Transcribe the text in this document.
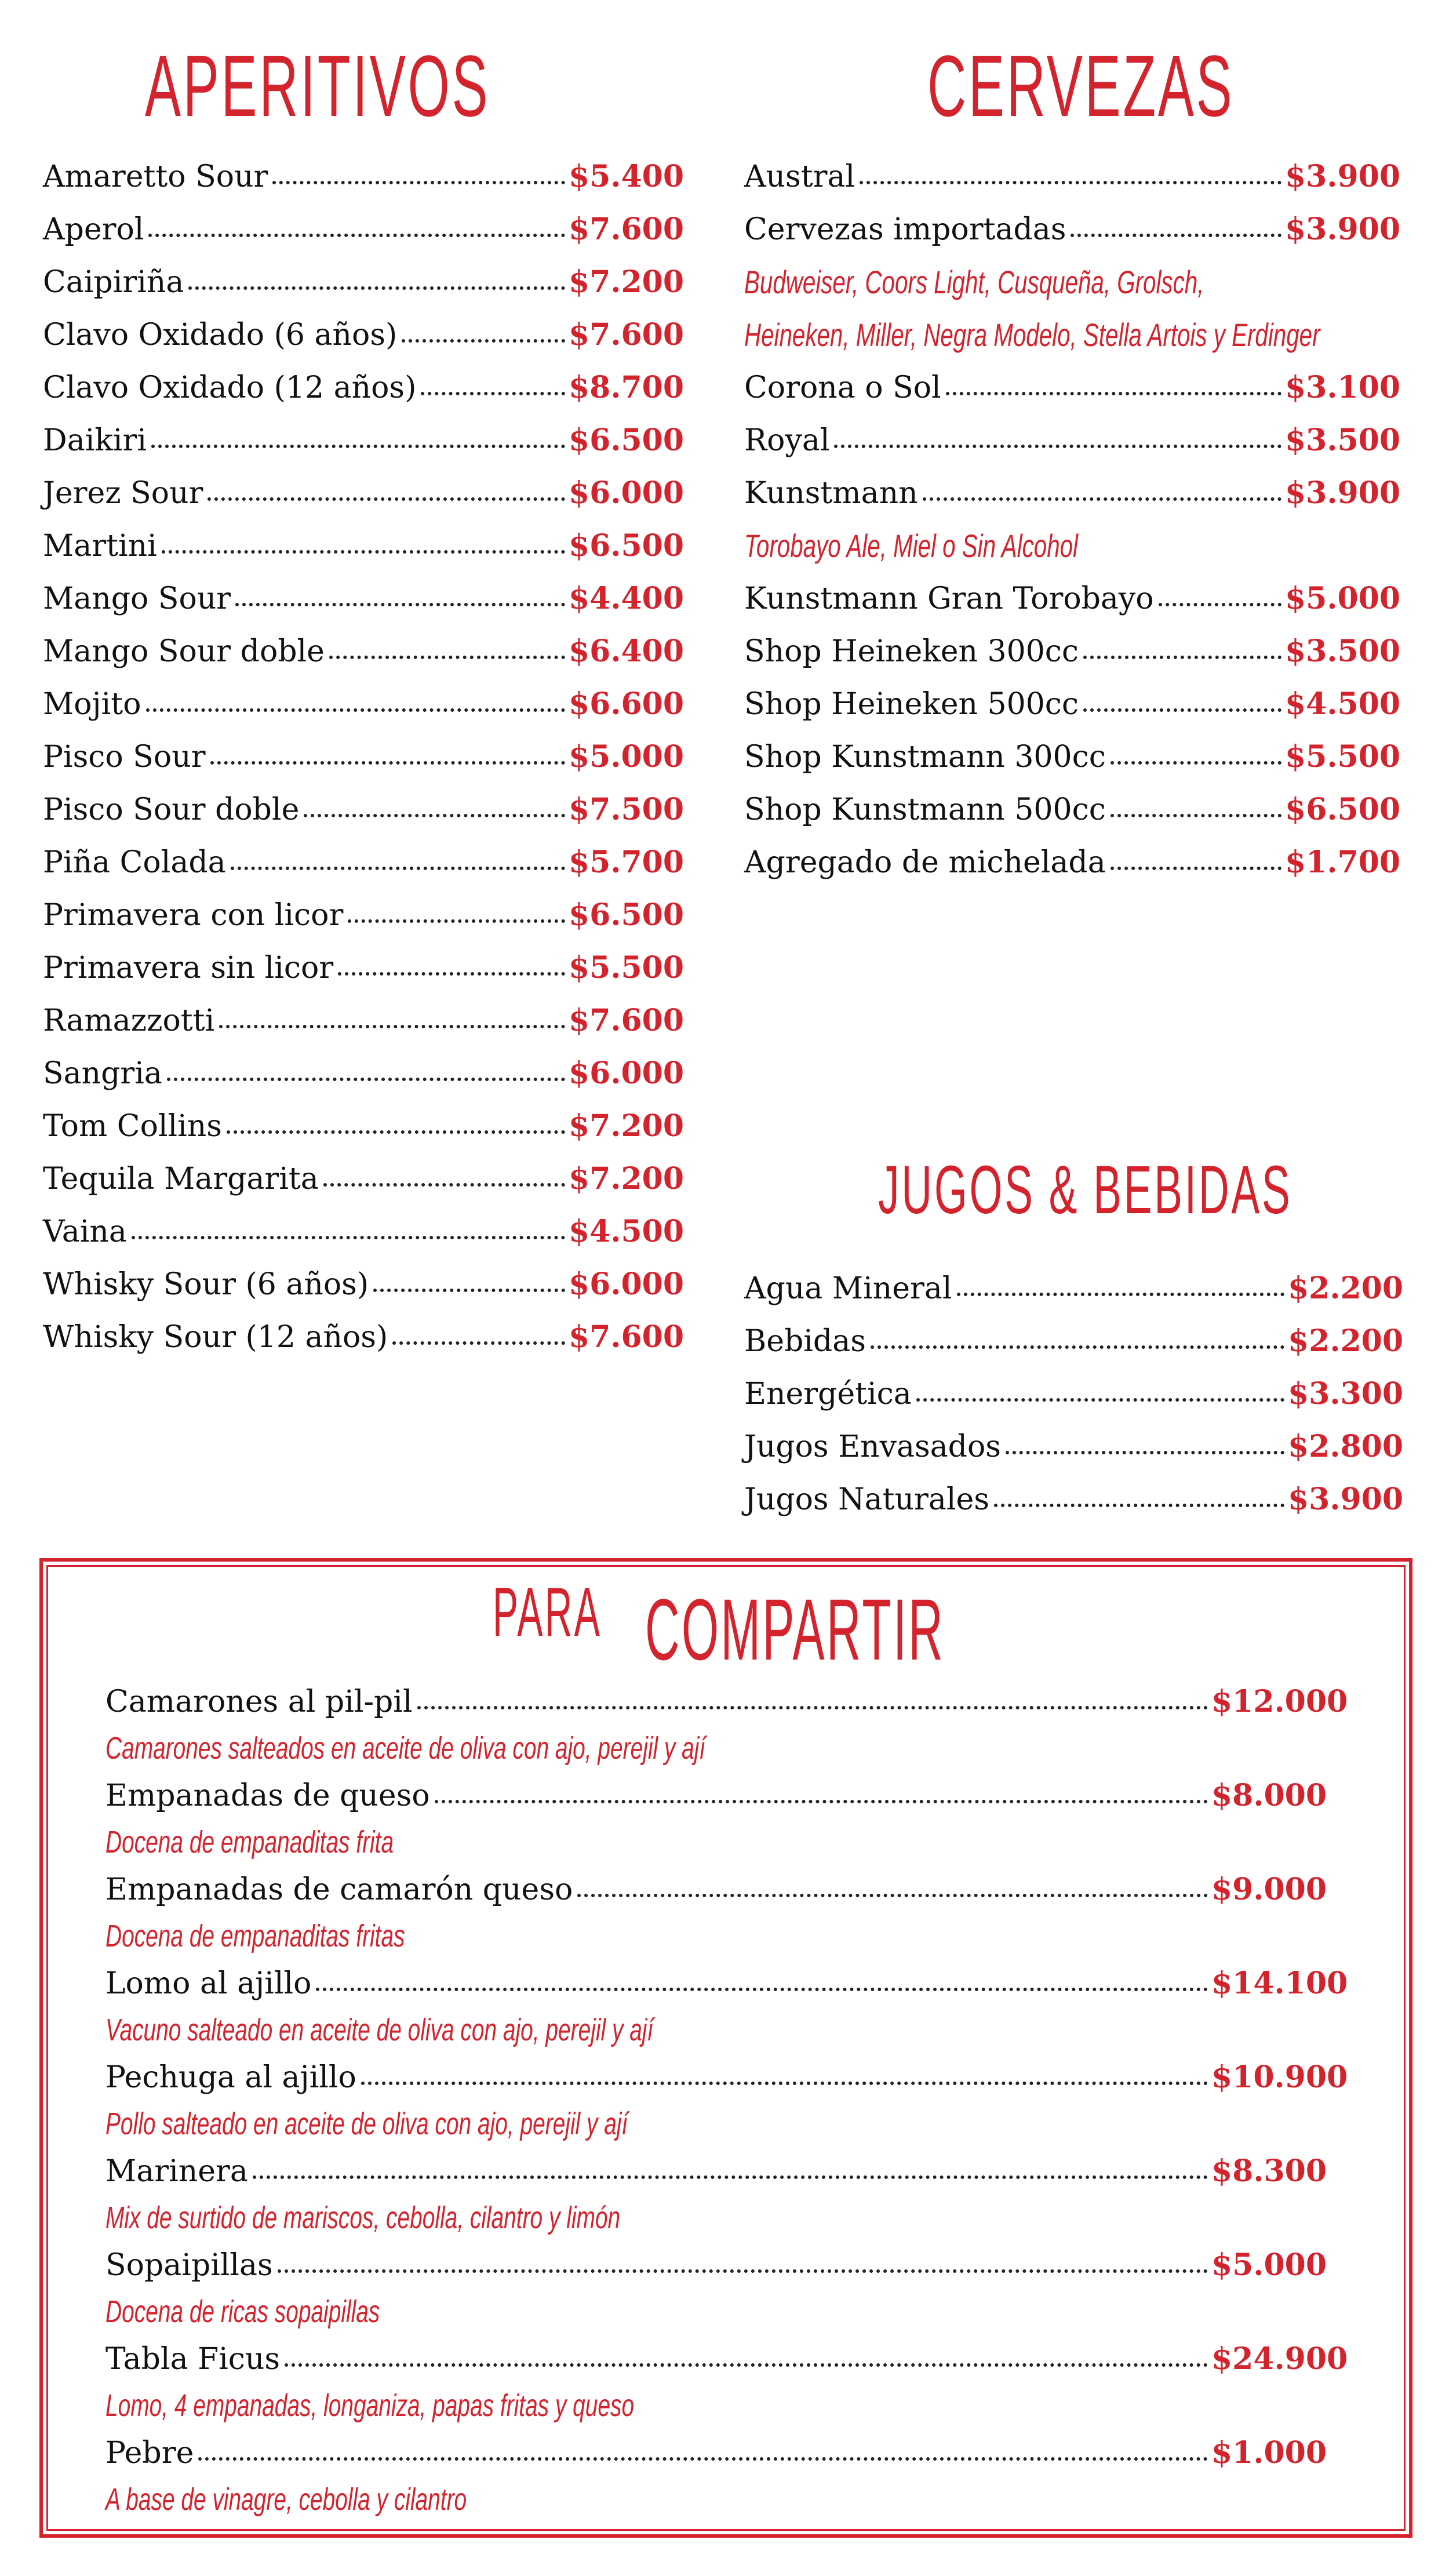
APERITIVOS
Amaretto Sour	$5.400
Aperol	$7.600
Caipiriña	$7.200
Clavo Oxidado (6 años)	$7.600
Clavo Oxidado (12 años)	$8.700
Daikiri	$6.500
Jerez Sour	$6.000
Martini	$6.500
Mango Sour	$4.400
Mango Sour doble	$6.400
Mojito	$6.600
Pisco Sour	$5.000
Pisco Sour doble	$7.500
Piña Colada	$5.700
Primavera con licor	$6.500
Primavera sin licor	$5.500
Ramazzotti	$7.600
Sangria	$6.000
Tom Collins	$7.200
Tequila Margarita	$7.200
Vaina	$4.500
Whisky Sour (6 años)	$6.000
Whisky Sour (12 años)	$7.600
CERVEZAS
Austral	$3.900
Cervezas importadas	$3.900
Budweiser, Coors Light, Cusqueña, Grolsch,
Heineken, Miller, Negra Modelo, Stella Artois y Erdinger
Corona o Sol	$3.100
Royal	$3.500
Kunstmann	$3.900
Torobayo Ale, Miel o Sin Alcohol
Kunstmann Gran Torobayo	$5.000
Shop Heineken 300cc	$3.500
Shop Heineken 500cc	$4.500
Shop Kunstmann 300cc	$5.500
Shop Kunstmann 500cc	$6.500
Agregado de michelada	$1.700
JUGOS & BEBIDAS
Agua Mineral	$2.200
Bebidas	$2.200
Energética	$3.300
Jugos Envasados	$2.800
Jugos Naturales	$3.900
PARA COMPARTIR
Camarones al pil-pil	$12.000
Camarones salteados en aceite de oliva con ajo, perejil y ají
Empanadas de queso	$8.000
Docena de empanaditas frita
Empanadas de camarón queso	$9.000
Docena de empanaditas fritas
Lomo al ajillo	$14.100
Vacuno salteado en aceite de oliva con ajo, perejil y ají
Pechuga al ajillo	$10.900
Pollo salteado en aceite de oliva con ajo, perejil y ají
Marinera	$8.300
Mix de surtido de mariscos, cebolla, cilantro y limón
Sopaipillas	$5.000
Docena de ricas sopaipillas
Tabla Ficus	$24.900
Lomo, 4 empanadas, longaniza, papas fritas y queso
Pebre	$1.000
A base de vinagre, cebolla y cilantro
